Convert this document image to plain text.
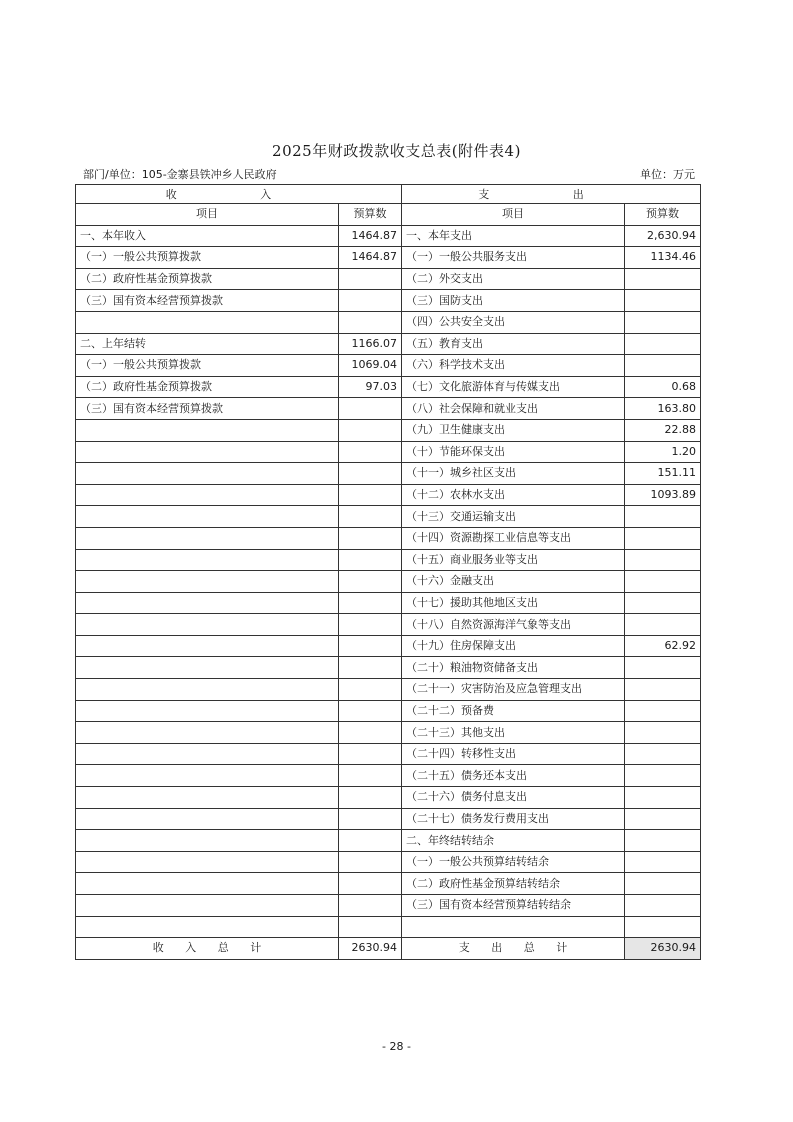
2025年财政拨款收支总表(附件表4)
部门/单位：105-金寨县铁冲乡人民政府	单位：万元
收 入		支 出	
项目	预算数	项目	预算数
一、本年收入	1464.87	一、本年支出	2,630.94
（一）一般公共预算拨款	1464.87	（一）一般公共服务支出	1134.46
（二）政府性基金预算拨款		（二）外交支出	
（三）国有资本经营预算拨款		（三）国防支出	
		（四）公共安全支出	
二、上年结转	1166.07	（五）教育支出	
（一）一般公共预算拨款	1069.04	（六）科学技术支出	
（二）政府性基金预算拨款	97.03	（七）文化旅游体育与传媒支出	0.68
（三）国有资本经营预算拨款		（八）社会保障和就业支出	163.80
		（九）卫生健康支出	22.88
		（十）节能环保支出	1.20
		（十一）城乡社区支出	151.11
		（十二）农林水支出	1093.89
		（十三）交通运输支出	
		（十四）资源勘探工业信息等支出	
		（十五）商业服务业等支出	
		（十六）金融支出	
		（十七）援助其他地区支出	
		（十八）自然资源海洋气象等支出	
		（十九）住房保障支出	62.92
		（二十）粮油物资储备支出	
		（二十一）灾害防治及应急管理支出	
		（二十二）预备费	
		（二十三）其他支出	
		（二十四）转移性支出	
		（二十五）债务还本支出	
		（二十六）债务付息支出	
		（二十七）债务发行费用支出	
		二、年终结转结余	
		（一）一般公共预算结转结余	
		（二）政府性基金预算结转结余	
		（三）国有资本经营预算结转结余	

收 入 总 计	2630.94	支 出 总 计	2630.94
- 28 -
